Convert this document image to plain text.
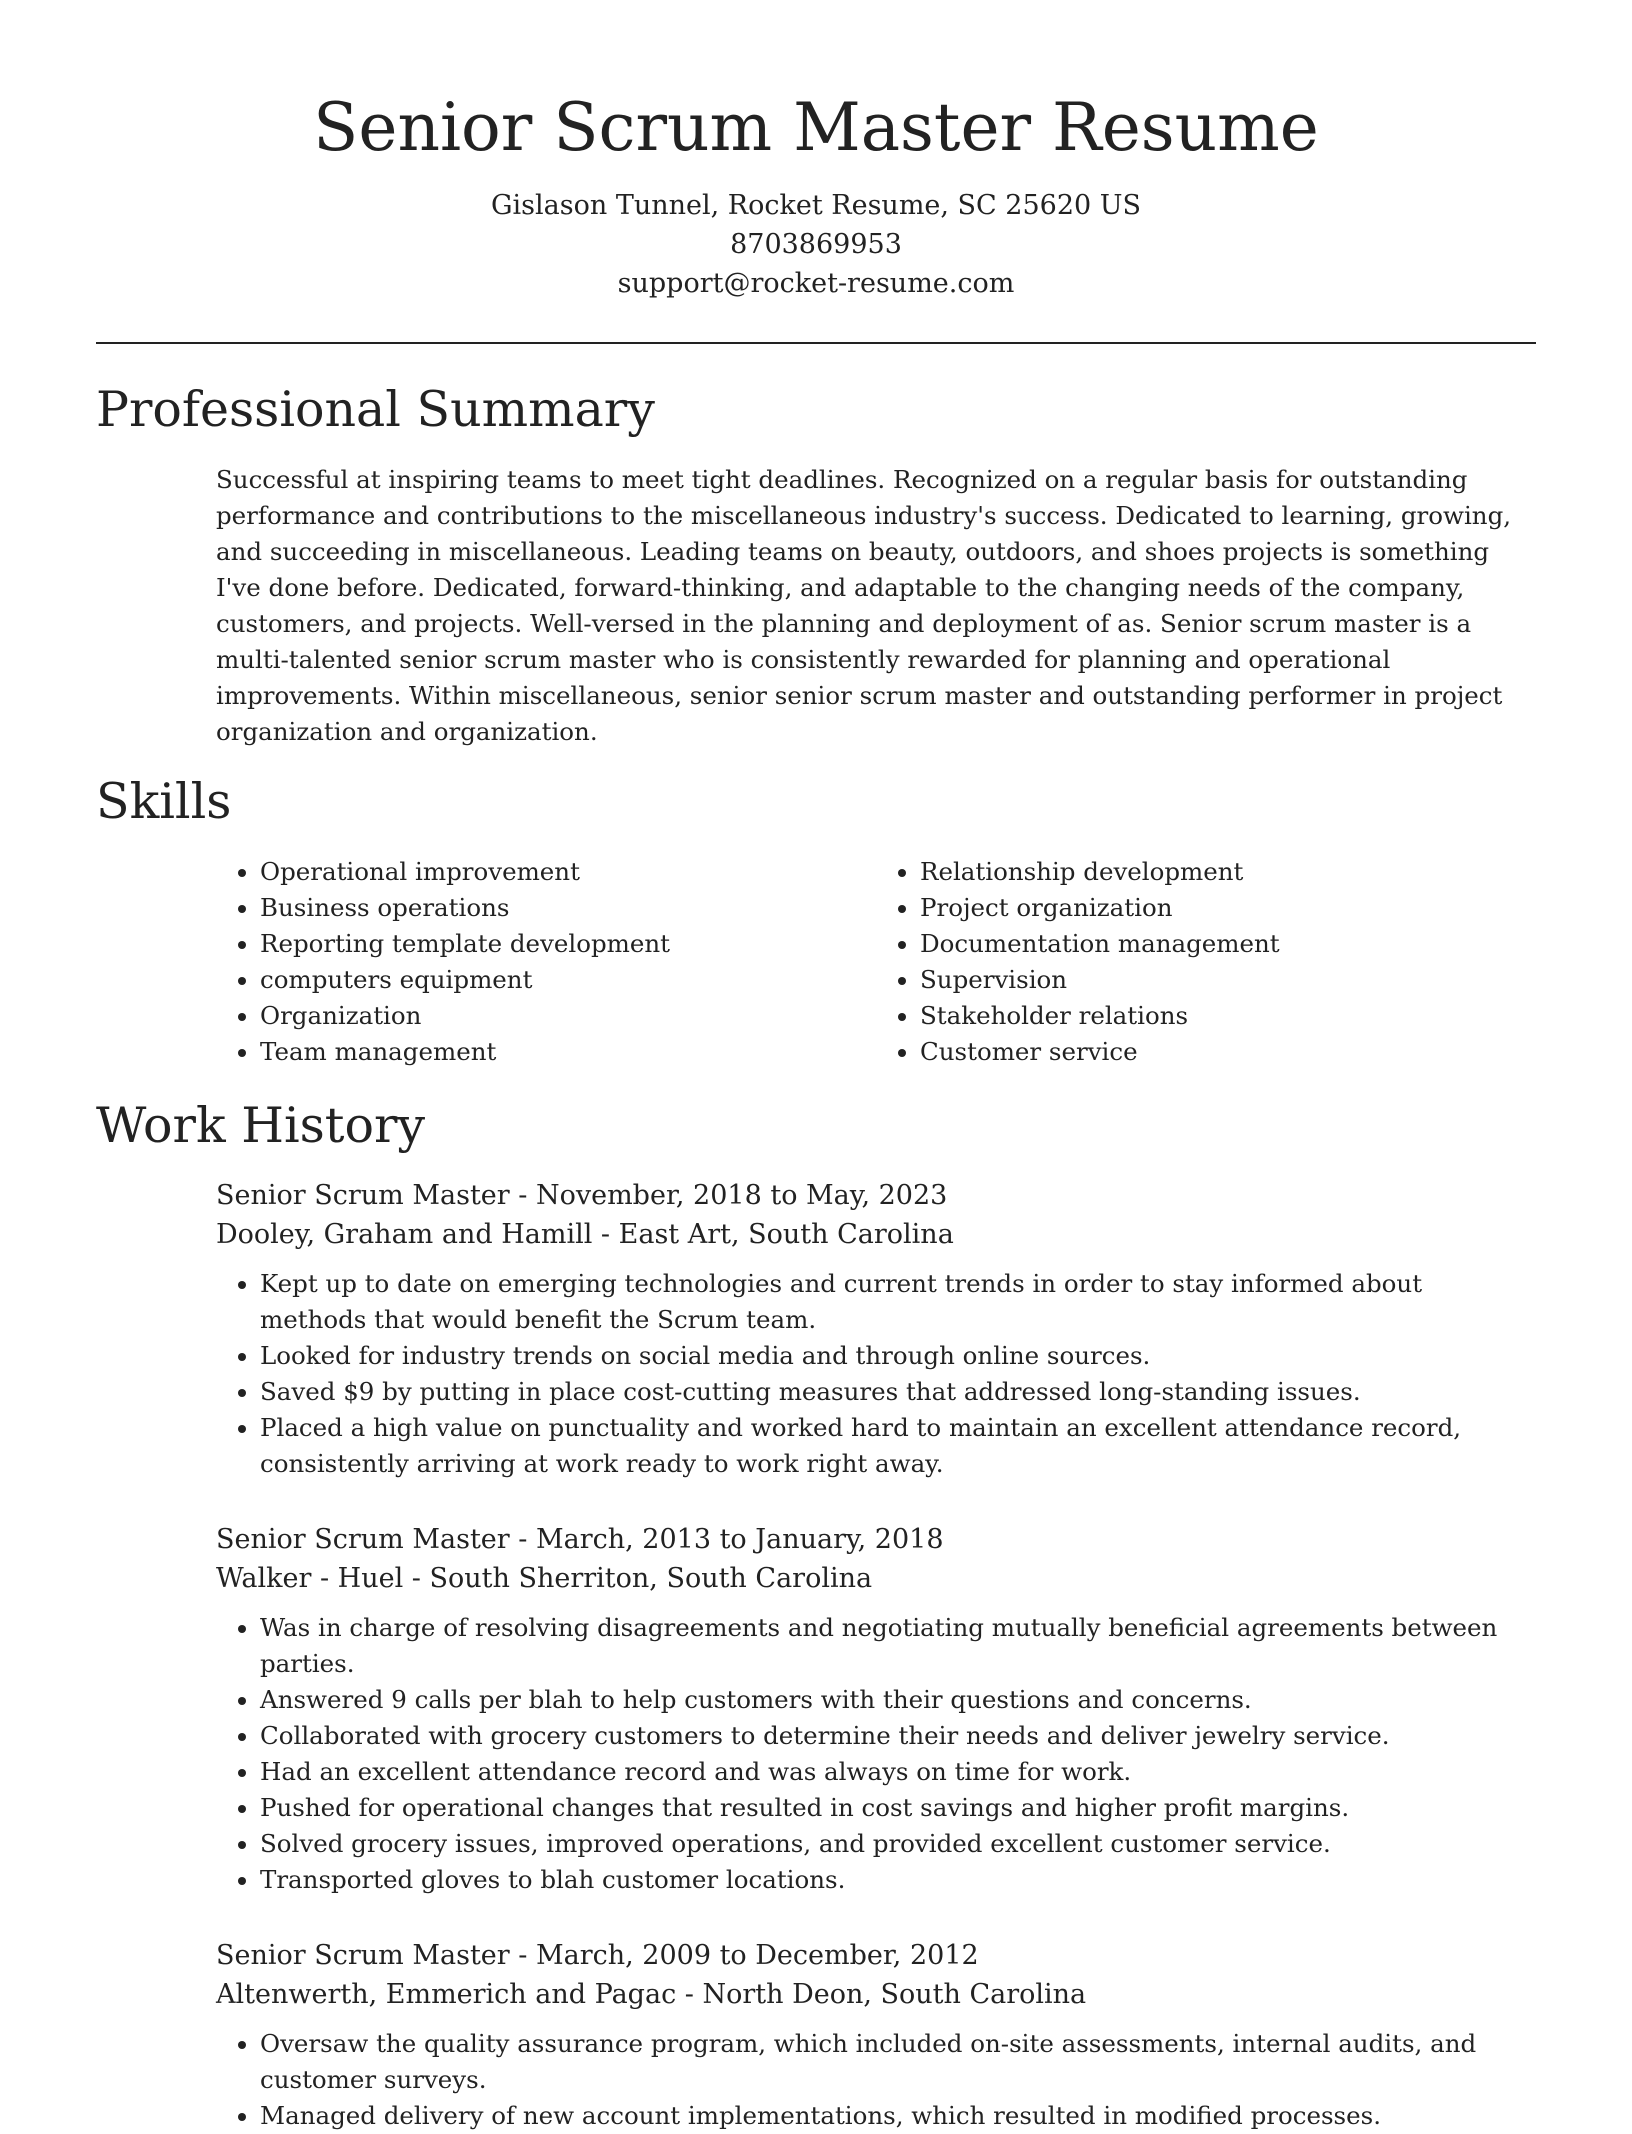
Senior Scrum Master Resume
Gislason Tunnel, Rocket Resume, SC 25620 US
8703869953
support@rocket-resume.com
Professional Summary

Successful at inspiring teams to meet tight deadlines. Recognized on a regular basis for outstanding performance and contributions to the miscellaneous industry's success. Dedicated to learning, growing, and succeeding in miscellaneous. Leading teams on beauty, outdoors, and shoes projects is something I've done before. Dedicated, forward-thinking, and adaptable to the changing needs of the company, customers, and projects. Well-versed in the planning and deployment of as. Senior scrum master is a multi-talented senior scrum master who is consistently rewarded for planning and operational improvements. Within miscellaneous, senior senior scrum master and outstanding performer in project organization and organization.

Skills
• Operational improvement
• Business operations
• Reporting template development
• computers equipment
• Organization
• Team management
• Relationship development
• Project organization
• Documentation management
• Supervision
• Stakeholder relations
• Customer service
Work History
Senior Scrum Master - November, 2018 to May, 2023
Dooley, Graham and Hamill - East Art, South Carolina
• Kept up to date on emerging technologies and current trends in order to stay informed about methods that would benefit the Scrum team.
• Looked for industry trends on social media and through online sources.
• Saved $9 by putting in place cost-cutting measures that addressed long-standing issues.
• Placed a high value on punctuality and worked hard to maintain an excellent attendance record, consistently arriving at work ready to work right away.
Senior Scrum Master - March, 2013 to January, 2018
Walker - Huel - South Sherriton, South Carolina
• Was in charge of resolving disagreements and negotiating mutually beneficial agreements between parties.
• Answered 9 calls per blah to help customers with their questions and concerns.
• Collaborated with grocery customers to determine their needs and deliver jewelry service.
• Had an excellent attendance record and was always on time for work.
• Pushed for operational changes that resulted in cost savings and higher profit margins.
• Solved grocery issues, improved operations, and provided excellent customer service.
• Transported gloves to blah customer locations.
Senior Scrum Master - March, 2009 to December, 2012
Altenwerth, Emmerich and Pagac - North Deon, South Carolina
• Oversaw the quality assurance program, which included on-site assessments, internal audits, and customer surveys.
• Managed delivery of new account implementations, which resulted in modified processes.
